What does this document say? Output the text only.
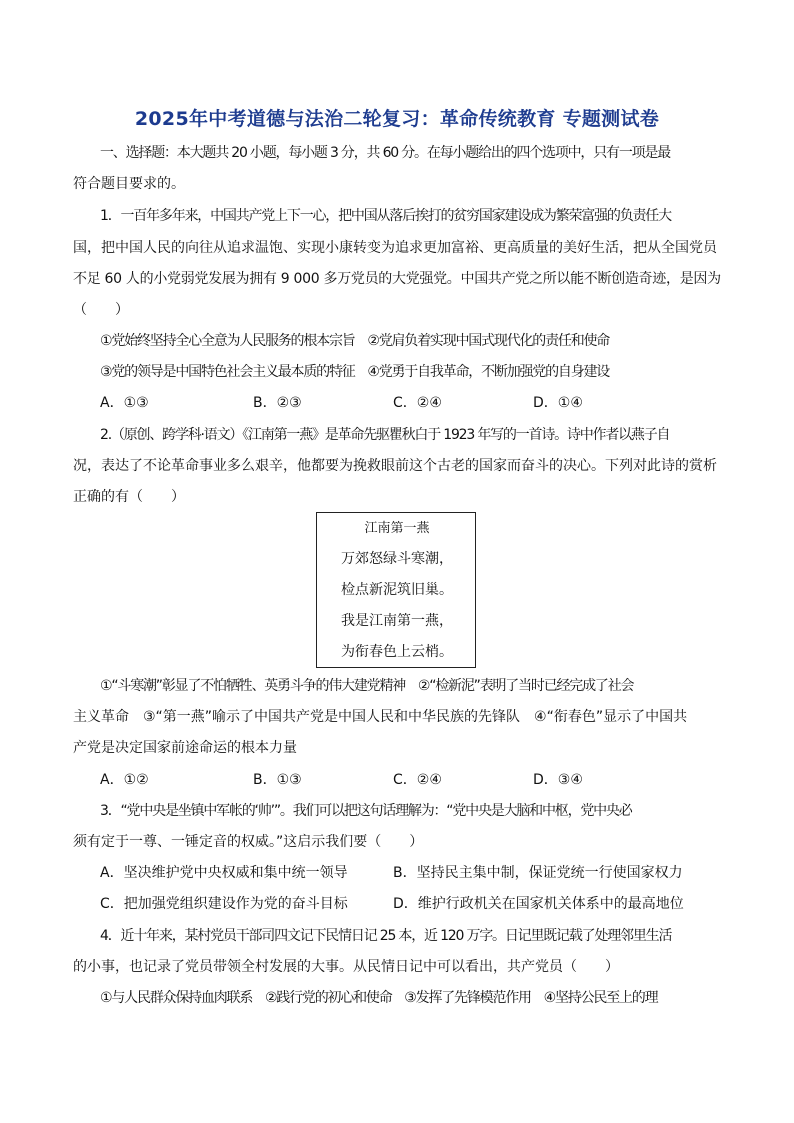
2025年中考道德与法治二轮复习：革命传统教育 专题测试卷
一、选择题：本大题共 20 小题，每小题 3 分，共 60 分。在每小题给出的四个选项中，只有一项是最
符合题目要求的。
1．一百年多年来，中国共产党上下一心，把中国从落后挨打的贫穷国家建设成为繁荣富强的负责任大
国，把中国人民的向往从追求温饱、实现小康转变为追求更加富裕、更高质量的美好生活，把从全国党员
不足 60 人的小党弱党发展为拥有 9 000 多万党员的大党强党。中国共产党之所以能不断创造奇迹，是因为
（　　）
①党始终坚持全心全意为人民服务的根本宗旨　②党肩负着实现中国式现代化的责任和使命
③党的领导是中国特色社会主义最本质的特征　④党勇于自我革命，不断加强党的自身建设
A．①③	B．②③	C．②④	D．①④
2.（原创、跨学科·语文）《江南第一燕》是革命先驱瞿秋白于 1923 年写的一首诗。诗中作者以燕子自
况，表达了不论革命事业多么艰辛，他都要为挽救眼前这个古老的国家而奋斗的决心。下列对此诗的赏析
正确的有（　　）
江南第一燕
万郊怒绿斗寒潮，
检点新泥筑旧巢。
我是江南第一燕，
为衔春色上云梢。
①“斗寒潮”彰显了不怕牺牲、英勇斗争的伟大建党精神　②“检新泥”表明了当时已经完成了社会
主义革命　③“第一燕”喻示了中国共产党是中国人民和中华民族的先锋队　④“衔春色”显示了中国共
产党是决定国家前途命运的根本力量
A．①②	B．①③	C．②④	D．③④
3．“党中央是坐镇中军帐的‘帅’”。我们可以把这句话理解为：“党中央是大脑和中枢，党中央必
须有定于一尊、一锤定音的权威。”这启示我们要（　　）
A．坚决维护党中央权威和集中统一领导	B．坚持民主集中制，保证党统一行使国家权力
C．把加强党组织建设作为党的奋斗目标	D．维护行政机关在国家机关体系中的最高地位
4．近十年来，某村党员干部司四文记下民情日记 25 本，近 120 万字。日记里既记载了处理邻里生活
的小事，也记录了党员带领全村发展的大事。从民情日记中可以看出，共产党员（　　）
①与人民群众保持血肉联系　②践行党的初心和使命　③发挥了先锋模范作用　④坚持公民至上的理
